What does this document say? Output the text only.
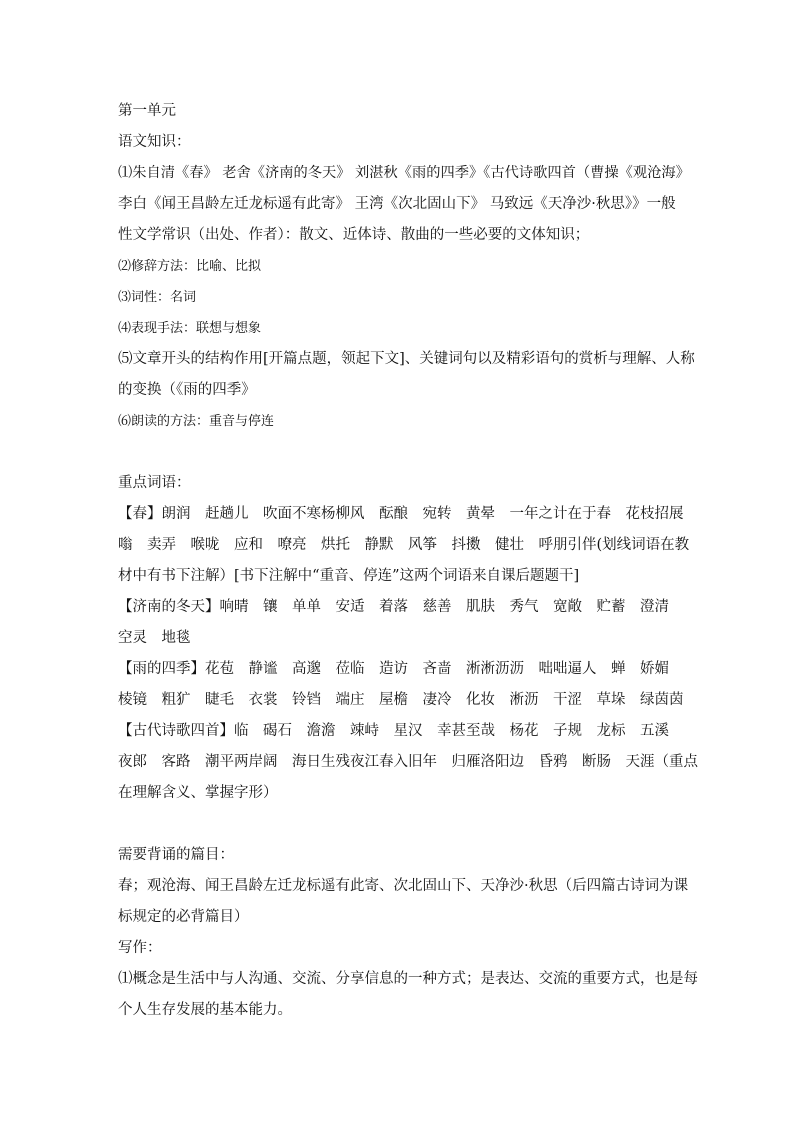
第一单元
语文知识：
⑴朱自清《春》 老舍《济南的冬天》 刘湛秋《雨的四季》《古代诗歌四首（曹操《观沧海》
李白《闻王昌龄左迁龙标遥有此寄》 王湾《次北固山下》 马致远《天净沙·秋思》》一般
性文学常识（出处、作者）：散文、近体诗、散曲的一些必要的文体知识；
⑵修辞方法：比喻、比拟
⑶词性：名词
⑷表现手法：联想与想象
⑸文章开头的结构作用[开篇点题，领起下文]、关键词句以及精彩语句的赏析与理解、人称
的变换（《雨的四季》
⑹朗读的方法：重音与停连
重点词语：
【春】朗润　赶趟儿　吹面不寒杨柳风　酝酿　宛转　黄晕　一年之计在于春　花枝招展
嗡　卖弄　喉咙　应和　嘹亮　烘托　静默　风筝　抖擞　健壮　呼朋引伴(划线词语在教
材中有书下注解）[书下注解中“重音、停连”这两个词语来自课后题题干]
【济南的冬天】响晴　镶　单单　安适　着落　慈善　肌肤　秀气　宽敞　贮蓄　澄清
空灵　地毯
【雨的四季】花苞　静谧　高邈　莅临　造访　吝啬　淅淅沥沥　咄咄逼人　蝉　娇媚
棱镜　粗犷　睫毛　衣裳　铃铛　端庄　屋檐　凄冷　化妆　淅沥　干涩　草垛　绿茵茵
【古代诗歌四首】临　碣石　澹澹　竦峙　星汉　幸甚至哉　杨花　子规　龙标　五溪
夜郎　客路　潮平两岸阔　海日生残夜江春入旧年　归雁洛阳边　昏鸦　断肠　天涯（重点
在理解含义、掌握字形）
需要背诵的篇目：
春；观沧海、闻王昌龄左迁龙标遥有此寄、次北固山下、天净沙·秋思（后四篇古诗词为课
标规定的必背篇目）
写作：
⑴概念是生活中与人沟通、交流、分享信息的一种方式；是表达、交流的重要方式，也是每
个人生存发展的基本能力。
